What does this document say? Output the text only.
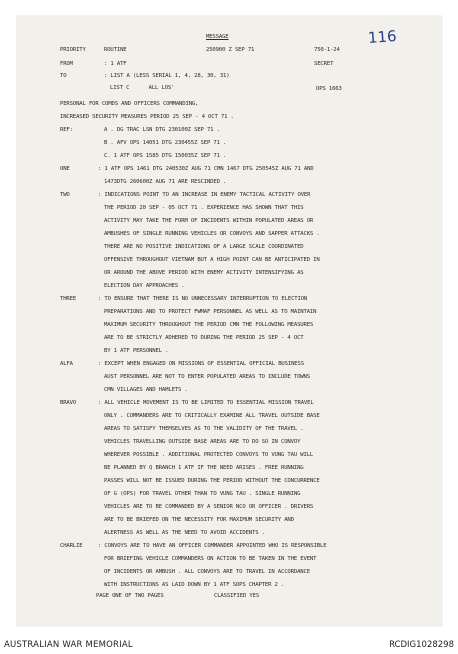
116
MESSAGE
PRIORITY	ROUTINE	250900 Z SEP 71	750-1-24
FROM	: 1 ATF	SECRET
TO	: LIST A (LESS SERIAL 1, 4, 28, 30, 31)
LIST C      ALL LOS'	OPS 1663
PERSONAL FOR COMDS AND OFFICERS COMMANDING,
INCREASED SECURITY MEASURES PERIOD 25 SEP - 4 OCT 71 .
REF:	A . DG TRAC LSN DTG 230100Z SEP 71 .
B . AFV OPS 14051 DTG 230455Z SEP 71 .
C. 1 ATF OPS 1585 DTG 150035Z SEP 71 .
ONE	: 1 ATF OPS 1461 DTG 240530Z AUG 71 CMN 1467 DTG 250545Z AUG 71 AND
1473DTG 260600Z AUG 71 ARE RESCINDED .
TWO	: INDICATIONS POINT TO AN INCREASE IN ENEMY TACTICAL ACTIVITY OVER
THE PERIOD 20 SEP - 05 OCT 71 . EXPERIENCE HAS SHOWN THAT THIS
ACTIVITY MAY TAKE THE FORM OF INCIDENTS WITHIN POPULATED AREAS OR
AMBUSHES OF SINGLE RUNNING VEHICLES OR CONVOYS AND SAPPER ATTACKS .
THERE ARE NO POSITIVE INDICATIONS OF A LARGE SCALE COORDINATED
OFFENSIVE THROUGHOUT VIETNAM BUT A HIGH POINT CAN BE ANTICIPATED IN
OR AROUND THE ABOVE PERIOD WITH ENEMY ACTIVITY INTENSIFYING AS
ELECTION DAY APPROACHES .
THREE	: TO ENSURE THAT THERE IS NO UNNECESSARY INTERRUPTION TO ELECTION
PREPARATIONS AND TO PROTECT FWMAF PERSONNEL AS WELL AS TO MAINTAIN
MAXIMUM SECURITY THROUGHOUT THE PERIOD CMN THE FOLLOWING MEASURES
ARE TO BE STRICTLY ADHERED TO DURING THE PERIOD 25 SEP - 4 OCT
BY 1 ATF PERSONNEL .
ALFA	: EXCEPT WHEN ENGAGED ON MISSIONS OF ESSENTIAL OFFICIAL BUSINESS
AUST PERSONNEL ARE NOT TO ENTER POPULATED AREAS TO INCLUDE TOWNS
CMN VILLAGES AND HAMLETS .
BRAVO	: ALL VEHICLE MOVEMENT IS TO BE LIMITED TO ESSENTIAL MISSION TRAVEL
ONLY . COMMANDERS ARE TO CRITICALLY EXAMINE ALL TRAVEL OUTSIDE BASE
AREAS TO SATISFY THEMSELVES AS TO THE VALIDITY OF THE TRAVEL .
VEHICLES TRAVELLING OUTSIDE BASE AREAS ARE TO DO SO IN CONVOY
WHEREVER POSSIBLE . ADDITIONAL PROTECTED CONVOYS TO VUNG TAU WILL
BE PLANNED BY Q BRANCH 1 ATF IF THE NEED ARISES . FREE RUNNING
PASSES WILL NOT BE ISSUED DURING THE PERIOD WITHOUT THE CONCURRENCE
OF G (OPS) FOR TRAVEL OTHER THAN TO VUNG TAU . SINGLE RUNNING
VEHICLES ARE TO BE COMMANDED BY A SENIOR NCO OR OFFICER . DRIVERS
ARE TO BE BRIEFED ON THE NECESSITY FOR MAXIMUM SECURITY AND
ALERTNESS AS WELL AS THE NEED TO AVOID ACCIDENTS .
CHARLIE	: CONVOYS ARE TO HAVE AN OFFICER COMMANDER APPOINTED WHO IS RESPONSIBLE
FOR BRIEFING VEHICLE COMMANDERS ON ACTION TO BE TAKEN IN THE EVENT
OF INCIDENTS OR AMBUSH . ALL CONVOYS ARE TO TRAVEL IN ACCORDANCE
WITH INSTRUCTIONS AS LAID DOWN BY 1 ATF SOPS CHAPTER 2 .
PAGE ONE OF TWO PAGES	CLASSIFIED YES
AUSTRALIAN WAR MEMORIAL	RCDIG1028298
